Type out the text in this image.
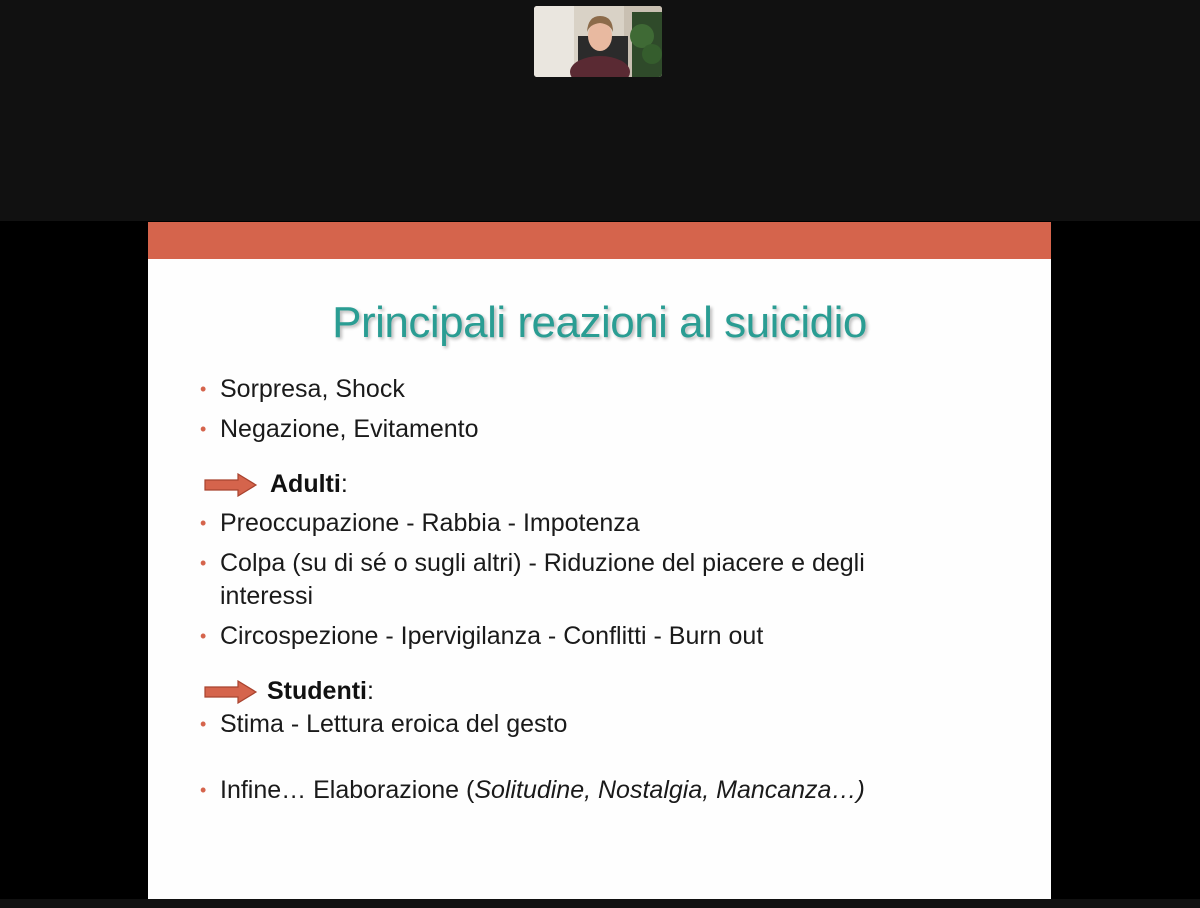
Principali reazioni al suicidio
• Sorpresa, Shock
• Negazione, Evitamento
Adulti:
• Preoccupazione - Rabbia - Impotenza
• Colpa (su di sé o sugli altri) - Riduzione del piacere e degli interessi
• Circospezione - Ipervigilanza - Conflitti - Burn out
Studenti:
• Stima - Lettura eroica del gesto
• Infine… Elaborazione (Solitudine, Nostalgia, Mancanza…)
